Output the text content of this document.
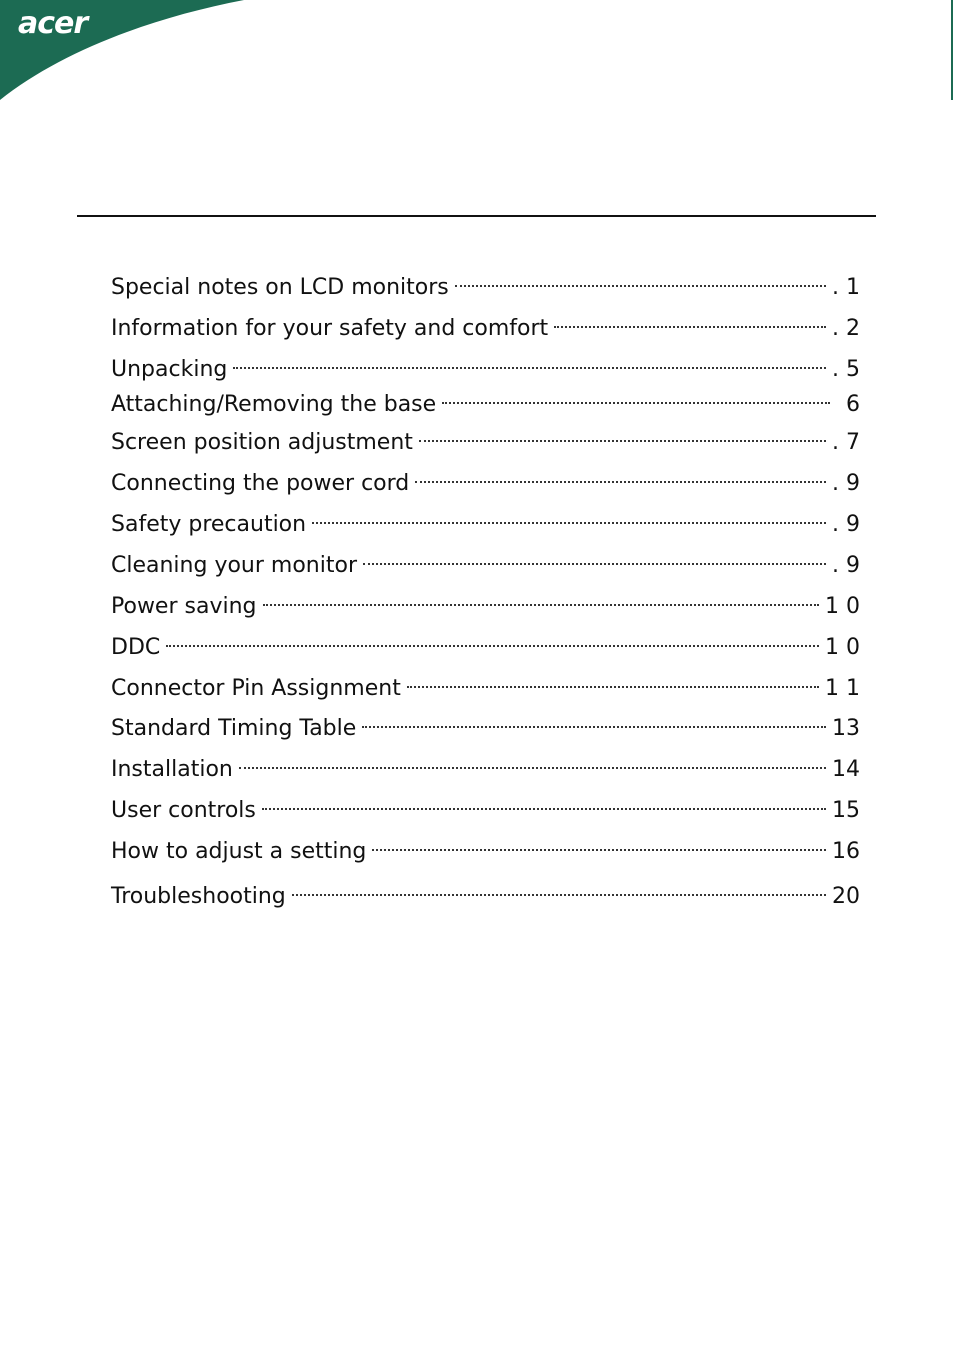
acer
Special notes on LCD monitors	. 1
Information for your safety and comfort	. 2
Unpacking	. 5
Attaching/Removing the base	6
Screen position adjustment	. 7
Connecting the power cord	. 9
Safety precaution	. 9
Cleaning your monitor	. 9
Power saving	1 0
DDC	1 0
Connector Pin Assignment	1 1
Standard Timing Table	13
Installation	14
User controls	15
How to adjust a setting	16
Troubleshooting	20
